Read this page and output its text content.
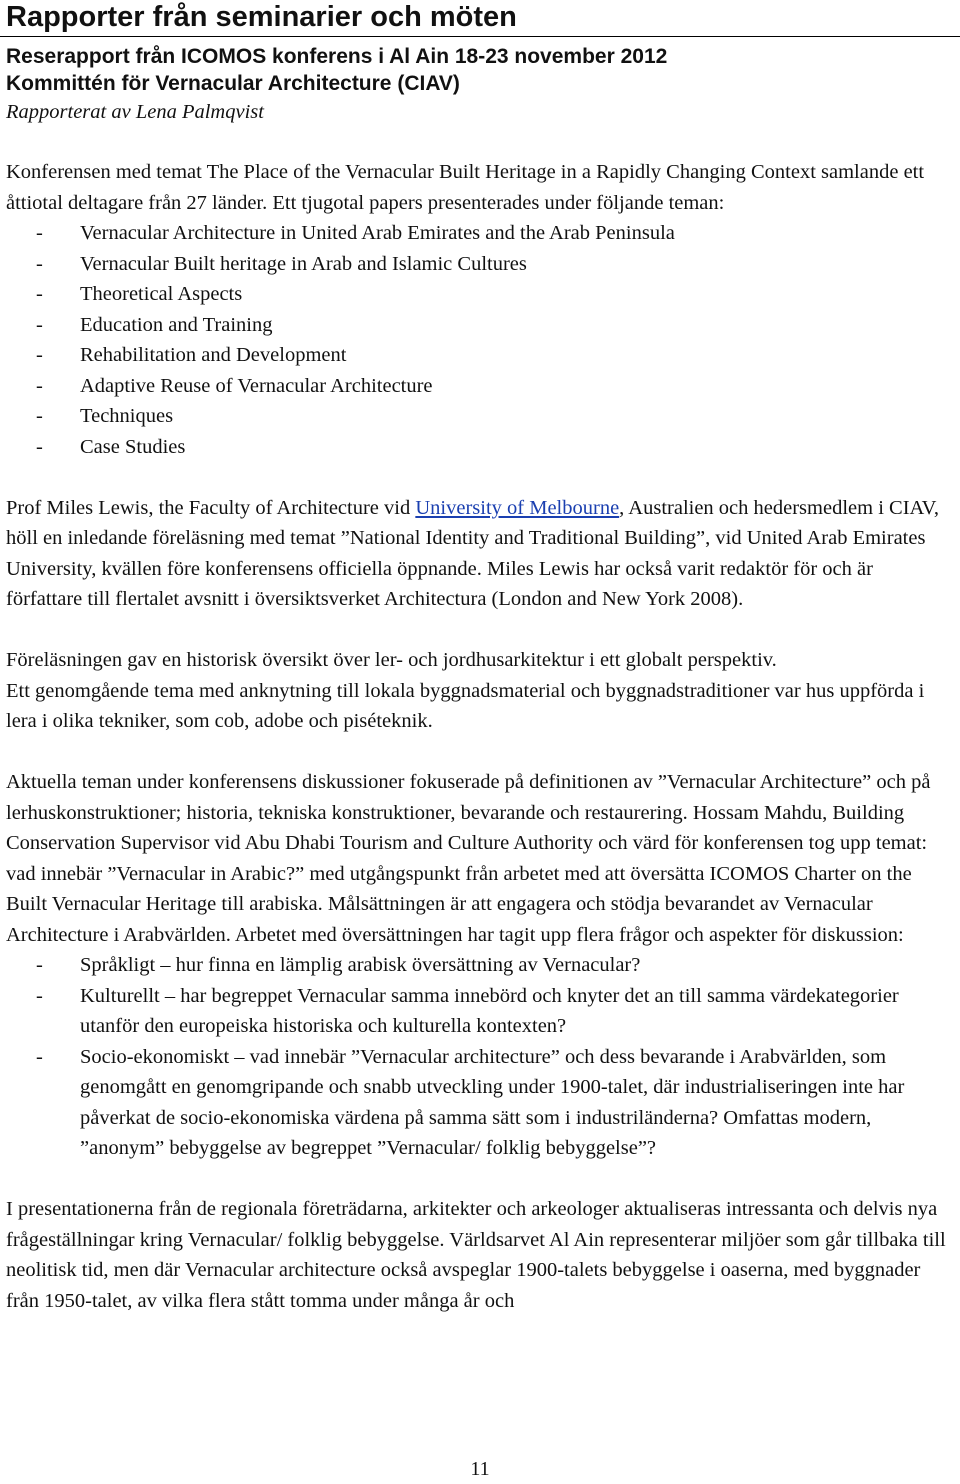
Rapporter från seminarier och möten
Reserapport från ICOMOS konferens i Al Ain 18-23 november 2012
Kommittén för Vernacular Architecture (CIAV)

Rapporterat av Lena Palmqvist

Konferensen med temat The Place of the Vernacular Built Heritage in a Rapidly Changing Context samlande ett åttiotal deltagare från 27 länder. Ett tjugotal papers presenterades under följande teman:

- Vernacular Architecture in United Arab Emirates and the Arab Peninsula
- Vernacular Built heritage in Arab and Islamic Cultures
- Theoretical Aspects
- Education and Training
- Rehabilitation and Development
- Adaptive Reuse of Vernacular Architecture
- Techniques
- Case Studies

Prof Miles Lewis, the Faculty of Architecture vid University of Melbourne, Australien och hedersmedlem i CIAV, höll en inledande föreläsning med temat ”National Identity and Traditional Building”, vid United Arab Emirates University, kvällen före konferensens officiella öppnande. Miles Lewis har också varit redaktör för och är författare till flertalet avsnitt i översiktsverket Architectura (London and New York 2008).

Föreläsningen gav en historisk översikt över ler- och jordhusarkitektur i ett globalt perspektiv.

Ett genomgående tema med anknytning till lokala byggnadsmaterial och byggnadstraditioner var hus uppförda i lera i olika tekniker, som cob, adobe och piséteknik.

Aktuella teman under konferensens diskussioner fokuserade på definitionen av ”Vernacular Architecture” och på lerhuskonstruktioner; historia, tekniska konstruktioner, bevarande och restaurering. Hossam Mahdu, Building Conservation Supervisor vid Abu Dhabi Tourism and Culture Authority och värd för konferensen tog upp temat: vad innebär ”Vernacular in Arabic?” med utgångspunkt från arbetet med att översätta ICOMOS Charter on the Built Vernacular Heritage till arabiska. Målsättningen är att engagera och stödja bevarandet av Vernacular Architecture i Arabvärlden. Arbetet med översättningen har tagit upp flera frågor och aspekter för diskussion:

- Språkligt – hur finna en lämplig arabisk översättning av Vernacular?
- Kulturellt – har begreppet Vernacular samma innebörd och knyter det an till samma värdekategorier utanför den europeiska historiska och kulturella kontexten?
- Socio-ekonomiskt – vad innebär ”Vernacular architecture” och dess bevarande i Arabvärlden, som genomgått en genomgripande och snabb utveckling under 1900-talet, där industrialiseringen inte har påverkat de socio-ekonomiska värdena på samma sätt som i industriländerna? Omfattas modern, ”anonym” bebyggelse av begreppet ”Vernacular/ folklig bebyggelse”?

I presentationerna från de regionala företrädarna, arkitekter och arkeologer aktualiseras intressanta och delvis nya frågeställningar kring Vernacular/ folklig bebyggelse. Världsarvet Al Ain representerar miljöer som går tillbaka till neolitisk tid, men där Vernacular architecture också avspeglar 1900-talets bebyggelse i oaserna, med byggnader från 1950-talet, av vilka flera stått tomma under många år och

11
